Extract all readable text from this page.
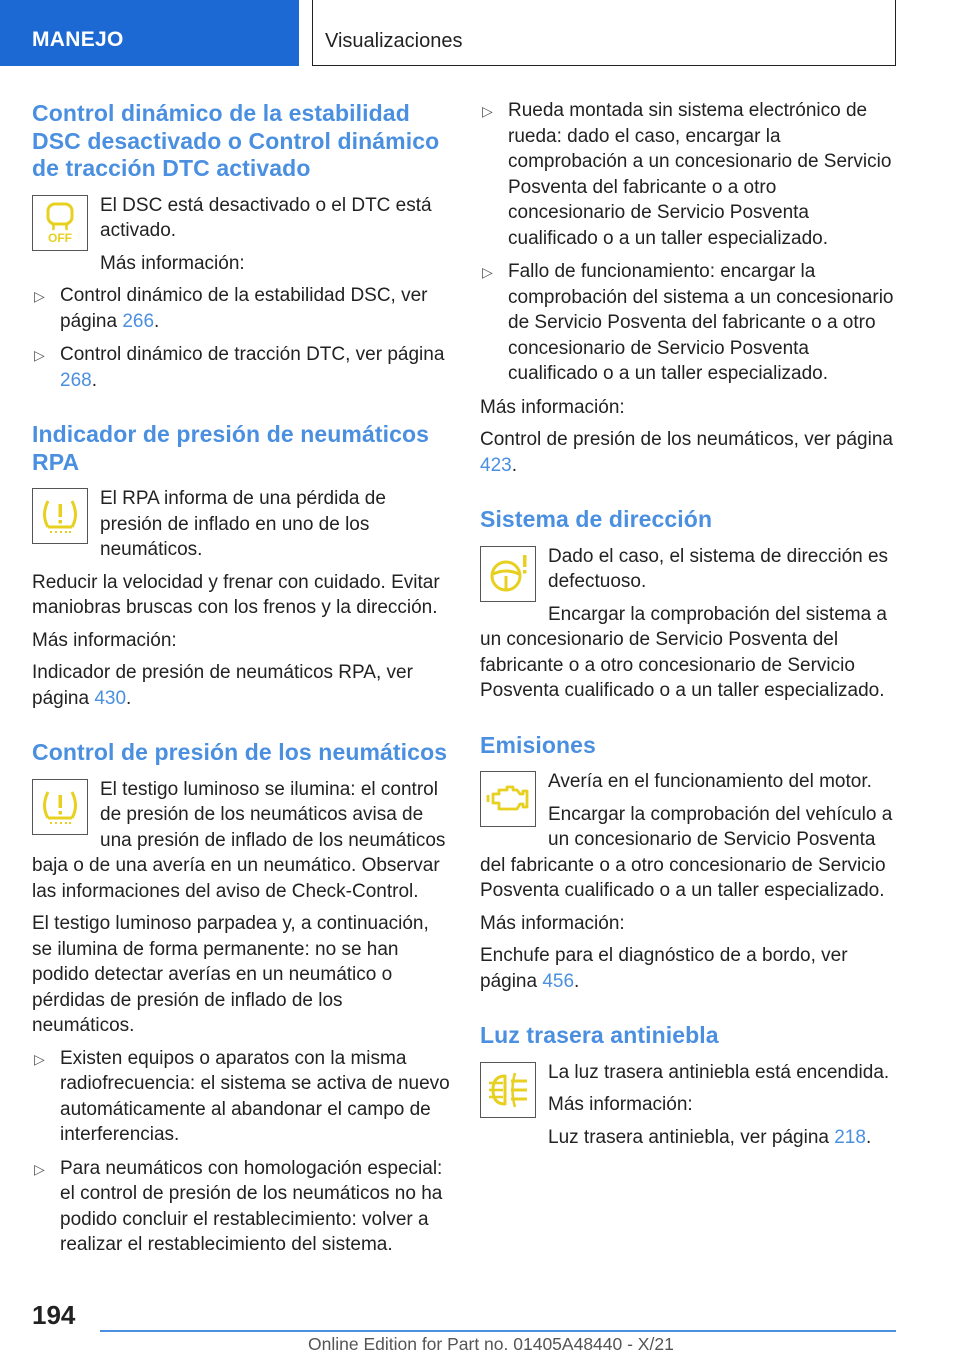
MANEJO	Visualizaciones
Control dinámico de la estabilidad DSC desactivado o Control dinámico de tracción DTC activado
OFF

El DSC está desactivado o el DTC está activado.

Más información:

▷ Control dinámico de la estabilidad DSC, ver página 266.
▷ Control dinámico de tracción DTC, ver página 268.
Indicador de presión de neumáticos RPA

El RPA informa de una pérdida de presión de inflado en uno de los neumáticos.

Reducir la velocidad y frenar con cuidado. Evitar maniobras bruscas con los frenos y la dirección.

Más información:

Indicador de presión de neumáticos RPA, ver página 430.

Control de presión de los neumáticos

El testigo luminoso se ilumina: el control de presión de los neumáticos avisa de una presión de inflado de los neumáticos

baja o de una avería en un neumático. Observar las informaciones del aviso de Check-Control.

El testigo luminoso parpadea y, a continuación, se ilumina de forma permanente: no se han podido detectar averías en un neumático o pérdidas de presión de inflado de los neumáticos.

▷ Existen equipos o aparatos con la misma radiofrecuencia: el sistema se activa de nuevo automáticamente al abandonar el campo de interferencias.
▷ Para neumáticos con homologación especial: el control de presión de los neumáticos no ha podido concluir el restablecimiento: volver a realizar el restablecimiento del sistema.
▷ Rueda montada sin sistema electrónico de rueda: dado el caso, encargar la comprobación a un concesionario de Servicio Posventa del fabricante o a otro concesionario de Servicio Posventa cualificado o a un taller especializado.
▷ Fallo de funcionamiento: encargar la comprobación del sistema a un concesionario de Servicio Posventa del fabricante o a otro concesionario de Servicio Posventa cualificado o a un taller especializado.

Más información:

Control de presión de los neumáticos, ver página 423.

Sistema de dirección

Dado el caso, el sistema de dirección es defectuoso.

Encargar la comprobación del sistema a

un concesionario de Servicio Posventa del fabricante o a otro concesionario de Servicio Posventa cualificado o a un taller especializado.

Emisiones

Avería en el funcionamiento del motor.

Encargar la comprobación del vehículo a un concesionario de Servicio Posventa

del fabricante o a otro concesionario de Servicio Posventa cualificado o a un taller especializado.

Más información:

Enchufe para el diagnóstico de a bordo, ver página 456.

Luz trasera antiniebla

La luz trasera antiniebla está encendida.

Más información:

Luz trasera antiniebla, ver página 218.

194
Online Edition for Part no. 01405A48440 - X/21
